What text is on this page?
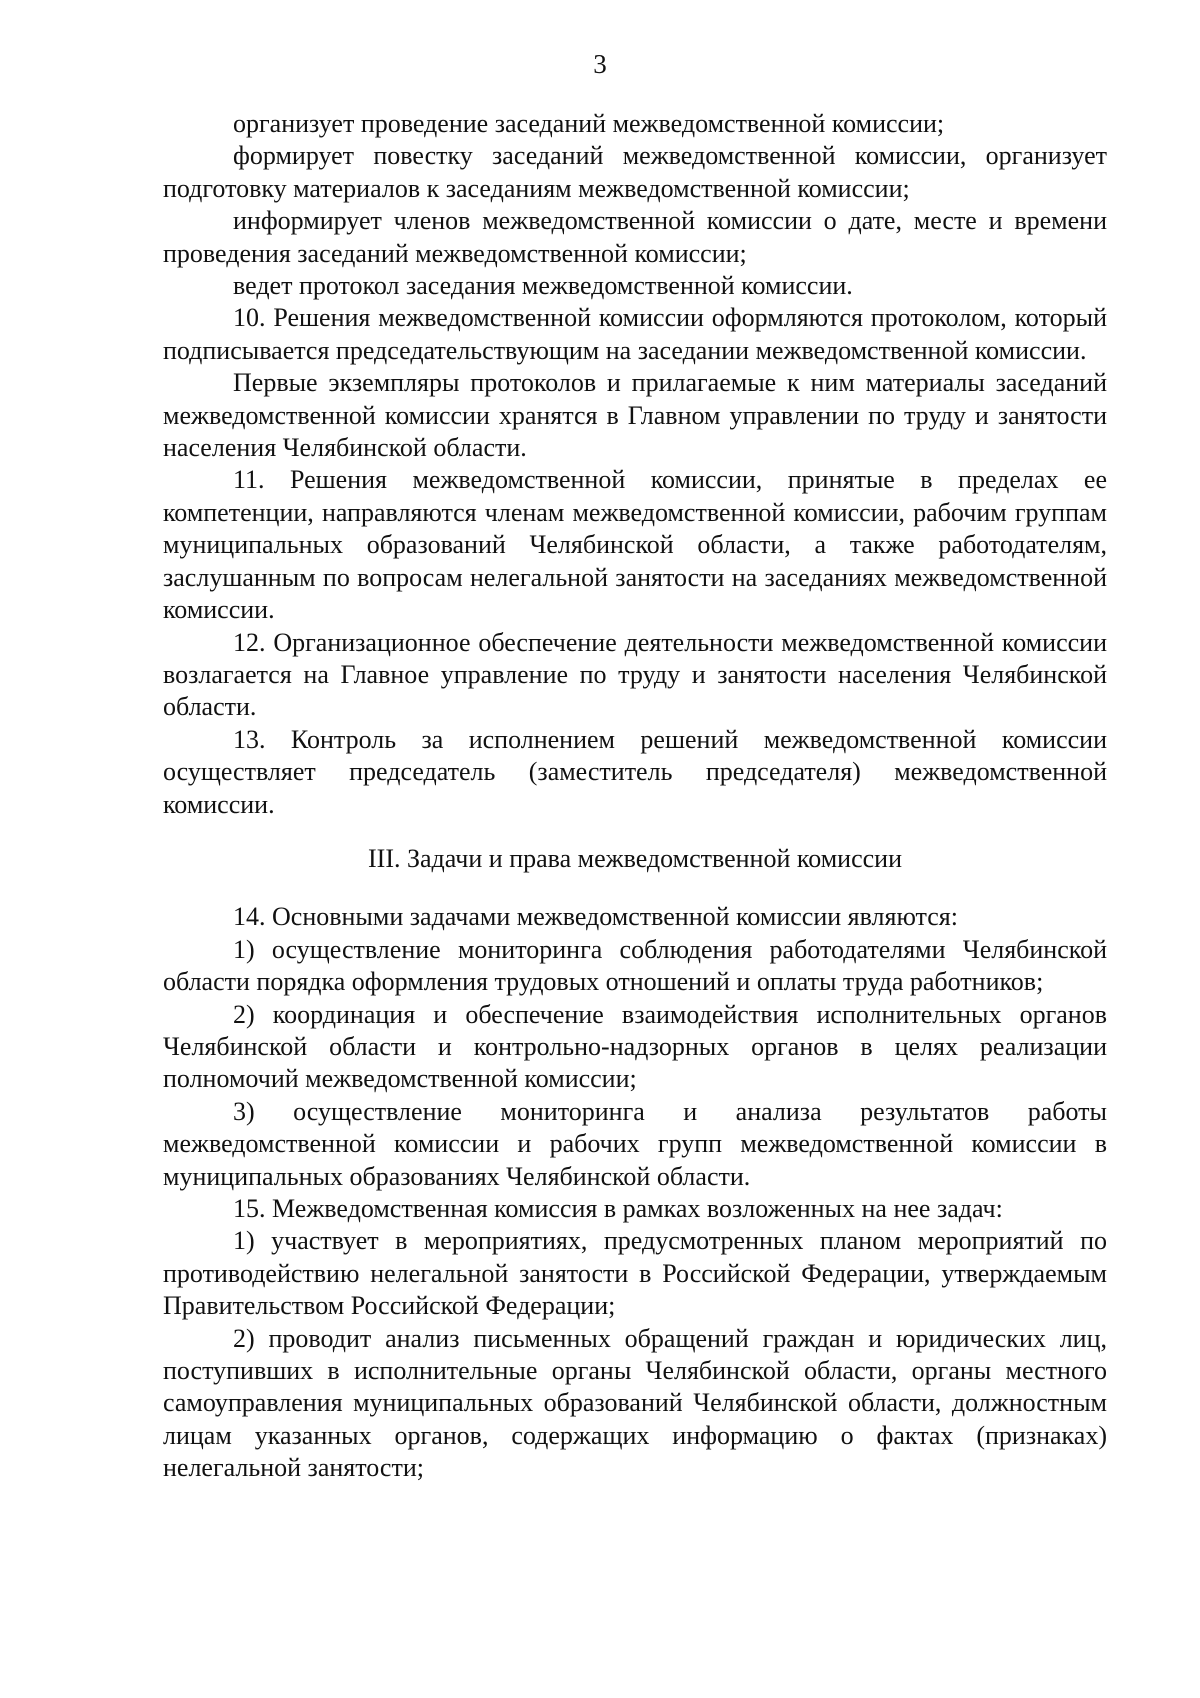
3

организует проведение заседаний межведомственной комиссии;

формирует повестку заседаний межведомственной комиссии, организует подготовку материалов к заседаниям межведомственной комиссии;

информирует членов межведомственной комиссии о дате, месте и времени проведения заседаний межведомственной комиссии;

ведет протокол заседания межведомственной комиссии.

10. Решения межведомственной комиссии оформляются протоколом, который подписывается председательствующим на заседании межведомственной комиссии.

Первые экземпляры протоколов и прилагаемые к ним материалы заседаний межведомственной комиссии хранятся в Главном управлении по труду и занятости населения Челябинской области.

11. Решения межведомственной комиссии, принятые в пределах ее компетенции, направляются членам межведомственной комиссии, рабочим группам муниципальных образований Челябинской области, а также работодателям, заслушанным по вопросам нелегальной занятости на заседаниях межведомственной комиссии.

12. Организационное обеспечение деятельности межведомственной комиссии возлагается на Главное управление по труду и занятости населения Челябинской области.

13. Контроль за исполнением решений межведомственной комиссии осуществляет председатель (заместитель председателя) межведомственной комиссии.

III. Задачи и права межведомственной комиссии

14. Основными задачами межведомственной комиссии являются:

1) осуществление мониторинга соблюдения работодателями Челябинской области порядка оформления трудовых отношений и оплаты труда работников;

2) координация и обеспечение взаимодействия исполнительных органов Челябинской области и контрольно-надзорных органов в целях реализации полномочий межведомственной комиссии;

3) осуществление мониторинга и анализа результатов работы межведомственной комиссии и рабочих групп межведомственной комиссии в муниципальных образованиях Челябинской области.

15. Межведомственная комиссия в рамках возложенных на нее задач:

1) участвует в мероприятиях, предусмотренных планом мероприятий по противодействию нелегальной занятости в Российской Федерации, утверждаемым Правительством Российской Федерации;

2) проводит анализ письменных обращений граждан и юридических лиц, поступивших в исполнительные органы Челябинской области, органы местного самоуправления муниципальных образований Челябинской области, должностным лицам указанных органов, содержащих информацию о фактах (признаках) нелегальной занятости;
